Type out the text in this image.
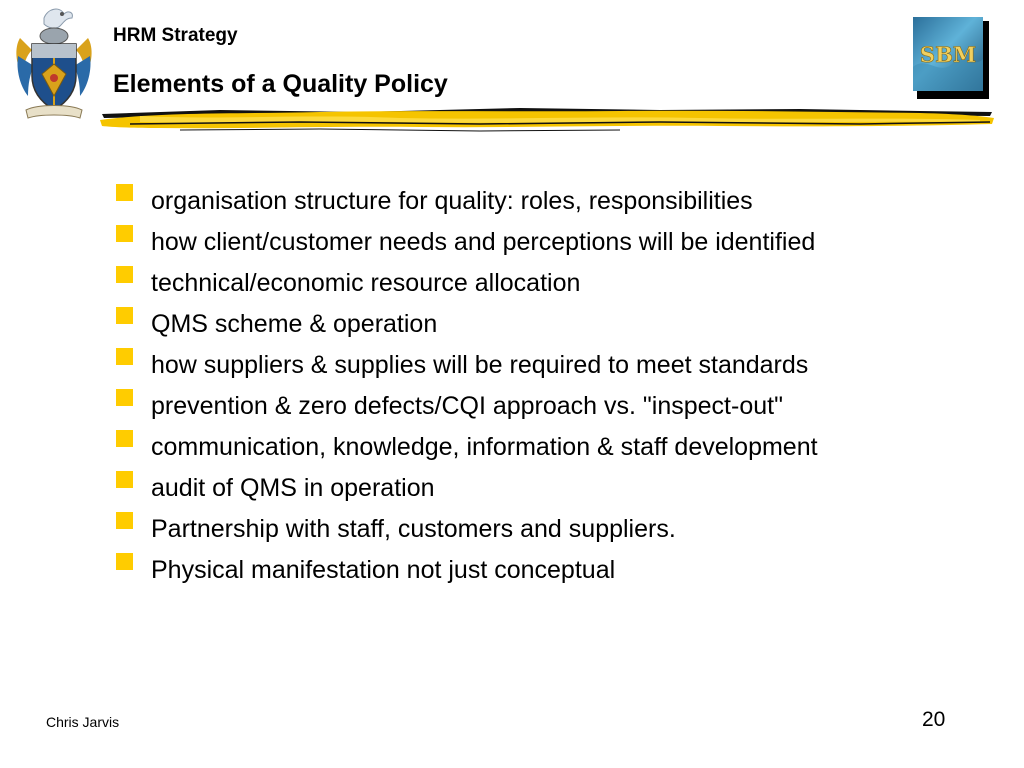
SBM
HRM Strategy
Elements of a Quality Policy
organisation structure for quality: roles, responsibilities
how client/customer needs and perceptions will be identified
technical/economic resource allocation
QMS scheme & operation
how suppliers & supplies will be required to meet standards
prevention & zero defects/CQI approach vs. "inspect-out"
communication, knowledge, information & staff development
audit of QMS in operation
Partnership with staff, customers and suppliers.
Physical manifestation not just conceptual
Chris Jarvis	20
